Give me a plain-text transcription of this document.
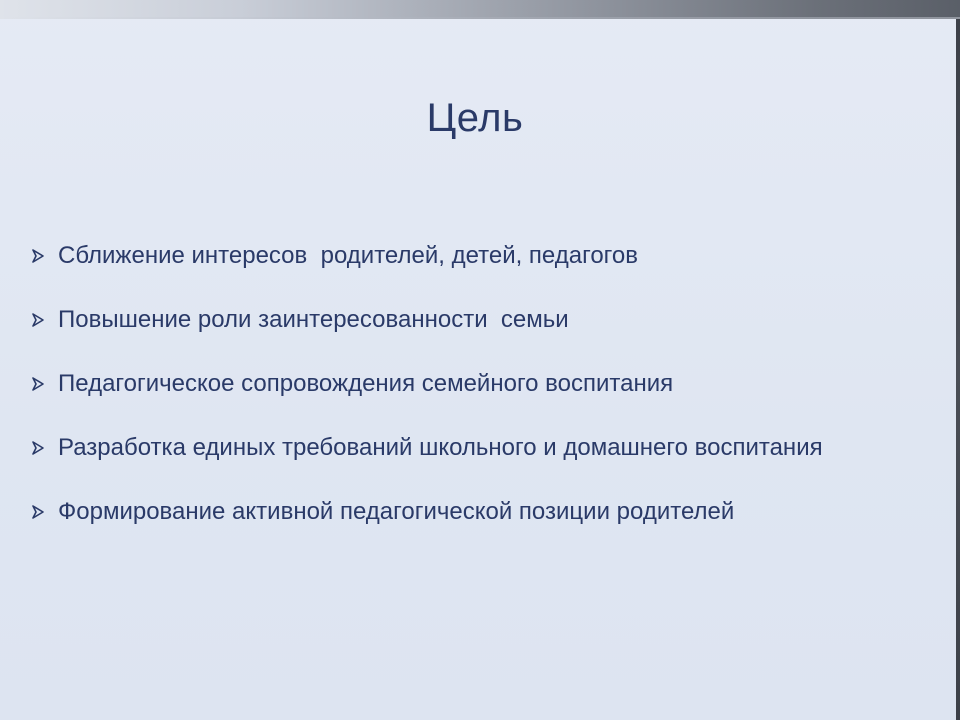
Цель
Сближение интересов  родителей, детей, педагогов
Повышение роли заинтересованности  семьи
Педагогическое сопровождения семейного воспитания
Разработка единых требований школьного и домашнего воспитания
Формирование активной педагогической позиции родителей
